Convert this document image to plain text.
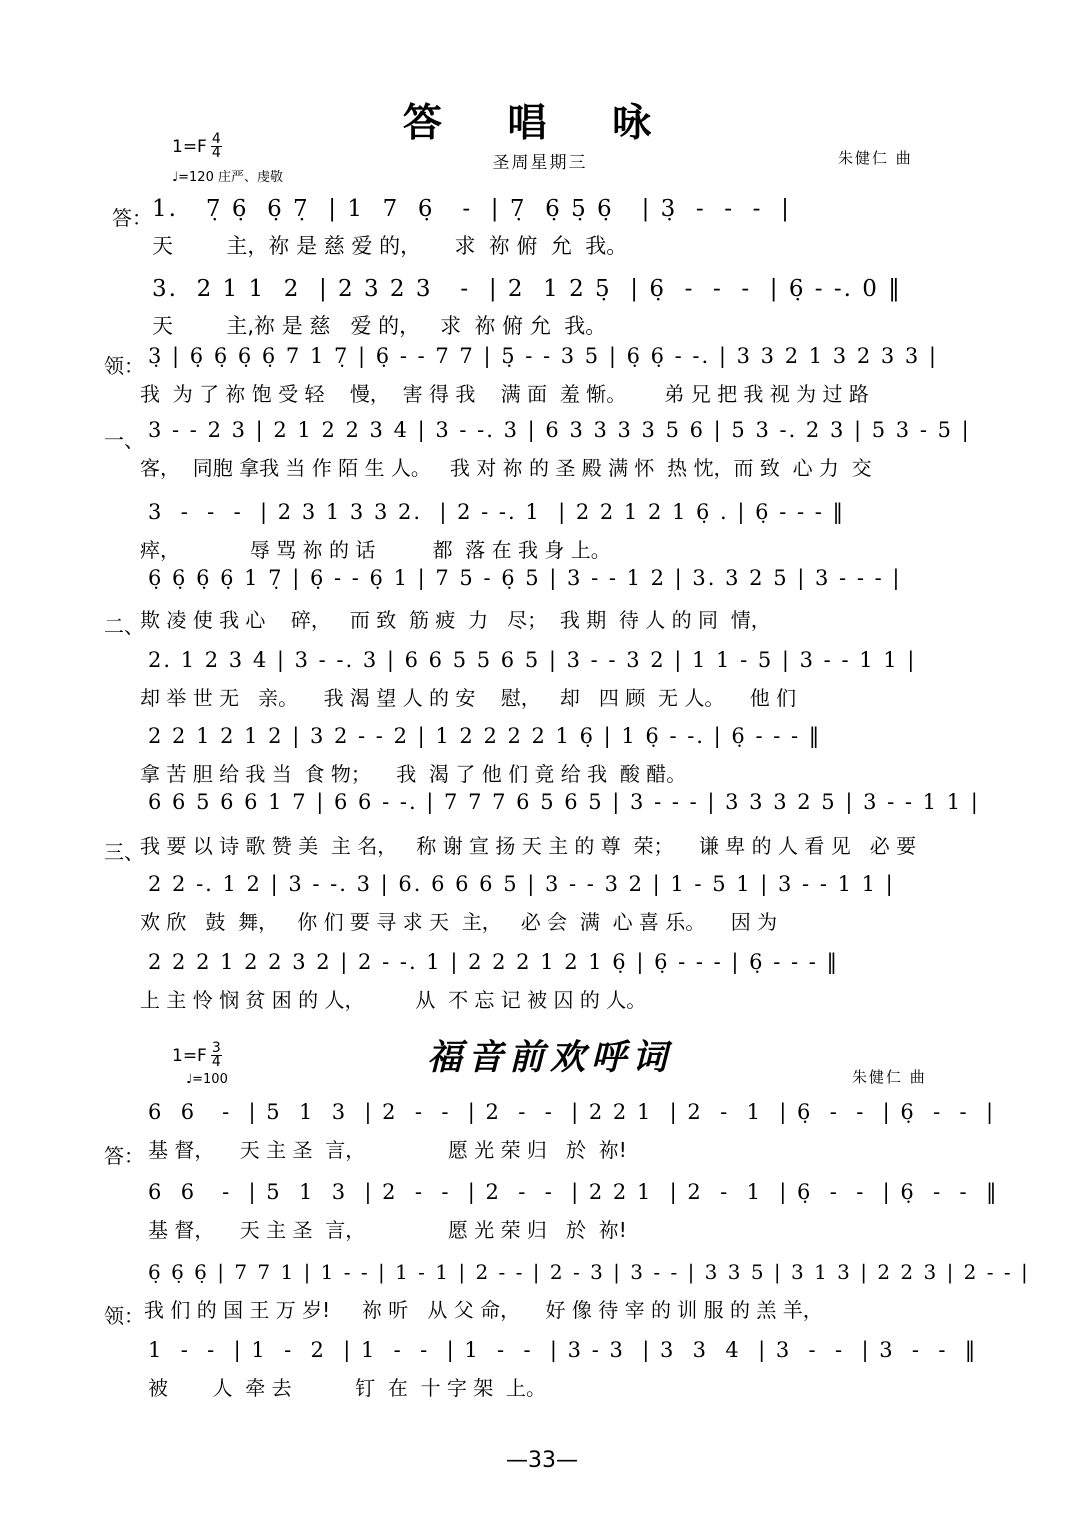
答 唱 咏
圣周星期三
$1=F \frac{4}{4}$
♩=120 庄严、虔敬
朱健仁 曲
答： 1.   7̣ 6̣  6̣ 7̣  | 1  7  6̣   -  | 7̣  6̣ 5̣ 6̣   | 3̣  -  -  -  |
天        主，祢 是 慈 爱 的，     求  祢 俯  允  我。
3.  2 1 1  2  | 2 3 2 3   -  | 2  1 2 5̣  | 6̣  -  -  -  | 6̣ - -. 0 ‖
天        主,祢 是 慈   爱 的，   求  祢 俯 允  我。
领： 3̣ | 6̣ 6̣ 6̣ 6̣ 7 1 7̣ | 6̣ - - 7 7 | 5̣ - - 3 5 | 6̣ 6̣ - -. | 3 3 2 1 3 2 3 3 |
我  为 了 祢 饱 受 轻    慢，  害 得 我    满 面  羞 惭。      弟 兄 把 我 视 为 过 路
一、 3 - - 2 3 | 2 1 2 2 3 4 | 3 - -. 3 | 6 3 3 3 3 5 6 | 5 3 -. 2 3 | 5 3 - 5 |
客，  同胞 拿我 当 作 陌 生 人。   我 对 祢 的 圣 殿 满 怀  热 忱，而 致  心 力  交
3  -  -  -  | 2 3 1 3 3 2.  | 2 - -. 1  | 2 2 1 2 1 6̣ . | 6̣ - - - ‖
瘁，           辱 骂 祢 的 话         都  落 在 我 身 上。
6̣ 6̣ 6̣ 6̣ 1 7̣ | 6̣ - - 6̣ 1 | 7 5 - 6̣ 5 | 3 - - 1 2 | 3. 3 2 5 | 3 - - - |
二、
欺 凌 使 我 心    碎，   而 致  筋 疲  力   尽；  我 期  待 人 的 同  情，
2. 1 2 3 4 | 3 - -. 3 | 6 6 5 5 6 5 | 3 - - 3 2 | 1 1 - 5 | 3 - - 1 1 |
却 举 世 无   亲。    我 渴 望 人 的 安    慰，   却   四 顾  无 人。    他 们
2 2 1 2 1 2 | 3 2 - - 2 | 1 2 2 2 2 1 6̣ | 1 6̣ - -. | 6̣ - - - ‖
拿 苦 胆 给 我 当  食 物；    我  渴 了 他 们 竟 给 我  酸 醋。
6 6 5 6 6 1 7 | 6 6 - -. | 7 7 7 6 5 6 5 | 3 - - - | 3 3 3 2 5 | 3 - - 1 1 |
三、
我 要 以 诗 歌 赞 美  主 名，   称 谢 宣 扬 天 主 的 尊  荣；    谦 卑 的 人 看 见   必 要
2 2 -. 1 2 | 3 - -. 3 | 6. 6 6 6 5 | 3 - - 3 2 | 1 - 5 1 | 3 - - 1 1 |
欢 欣   鼓  舞，   你 们 要 寻 求 天  主，   必 会  满  心 喜 乐。    因 为
2 2 2 1 2 2 3 2 | 2 - -. 1 | 2 2 2 1 2 1 6̣ | 6̣ - - - | 6̣ - - - ‖
上 主 怜 悯 贫 困 的 人，        从  不 忘 记 被 囚 的 人。
福音前欢呼词
$1=F \frac{3}{4}$
♩=100	朱健仁 曲
答：
6  6   -  | 5  1  3  | 2  -  -  | 2  -  -  | 2 2 1  | 2  -  1  | 6̣  -  -  | 6̣  -  -  |
基 督，    天 主 圣  言，             愿 光 荣 归   於  祢!
6  6   -  | 5  1  3  | 2  -  -  | 2  -  -  | 2 2 1  | 2  -  1  | 6̣  -  -  | 6̣  -  -  ‖
基 督，    天 主 圣  言，             愿 光 荣 归   於  祢!
领：
6̣ 6̣ 6̣ | 7 7 1 | 1 - - | 1 - 1 | 2 - - | 2 - 3 | 3 - - | 3 3 5 | 3 1 3 | 2 2 3 | 2 - - |
我 们 的 国 王 万 岁!     祢 听   从 父 命，    好 像 待 宰 的 训 服 的 羔 羊，
1  -  -  | 1  -  2  | 1  -  -  | 1  -  -  | 3 - 3  | 3  3  4  | 3  -  -  | 3  -  -  ‖
被       人  牵 去          钉  在  十 字 架  上。
—33—
